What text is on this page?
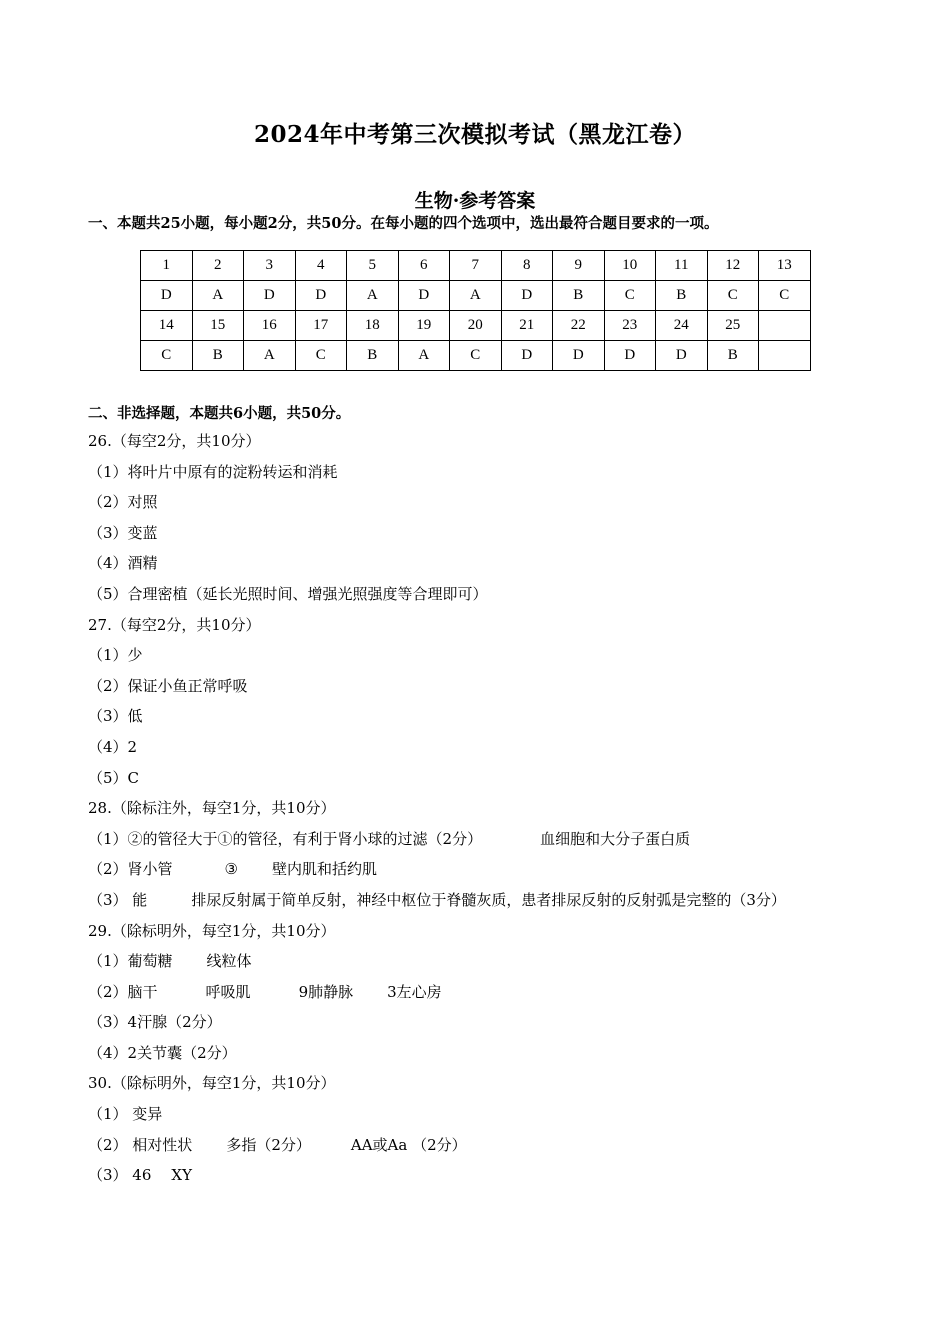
2024年中考第三次模拟考试（黑龙江卷）
生物·参考答案
一、本题共25小题，每小题2分，共50分。在每小题的四个选项中，选出最符合题目要求的一项。
1	2	3	4	5	6	7	8	9	10	11	12	13
D	A	D	D	A	D	A	D	B	C	B	C	C
14	15	16	17	18	19	20	21	22	23	24	25	
C	B	A	C	B	A	C	D	D	D	D	B	
二、非选择题，本题共6小题，共50分。
26.（每空2分，共10分）
（1）将叶片中原有的淀粉转运和消耗
（2）对照
（3）变蓝
（4）酒精
（5）合理密植（延长光照时间、增强光照强度等合理即可）
27.（每空2分，共10分）
（1）少
（2）保证小鱼正常呼吸
（3）低
（4）2
（5）C
28.（除标注外，每空1分，共10分）
（1）②的管径大于①的管径，有利于肾小球的过滤（2分）	血细胞和大分子蛋白质
（2）肾小管	③ 壁内肌和括约肌
（3） 能	排尿反射属于简单反射，神经中枢位于脊髓灰质，患者排尿反射的反射弧是完整的（3分）
29.（除标明外，每空1分，共10分）
（1）葡萄糖 线粒体
（2）脑干	呼吸肌	9肺静脉 3左心房
（3）4汗腺（2分）
（4）2关节囊（2分）
30.（除标明外，每空1分，共10分）
（1） 变异
（2） 相对性状 多指（2分）	AA或Aa （2分）
（3） 46 XY
